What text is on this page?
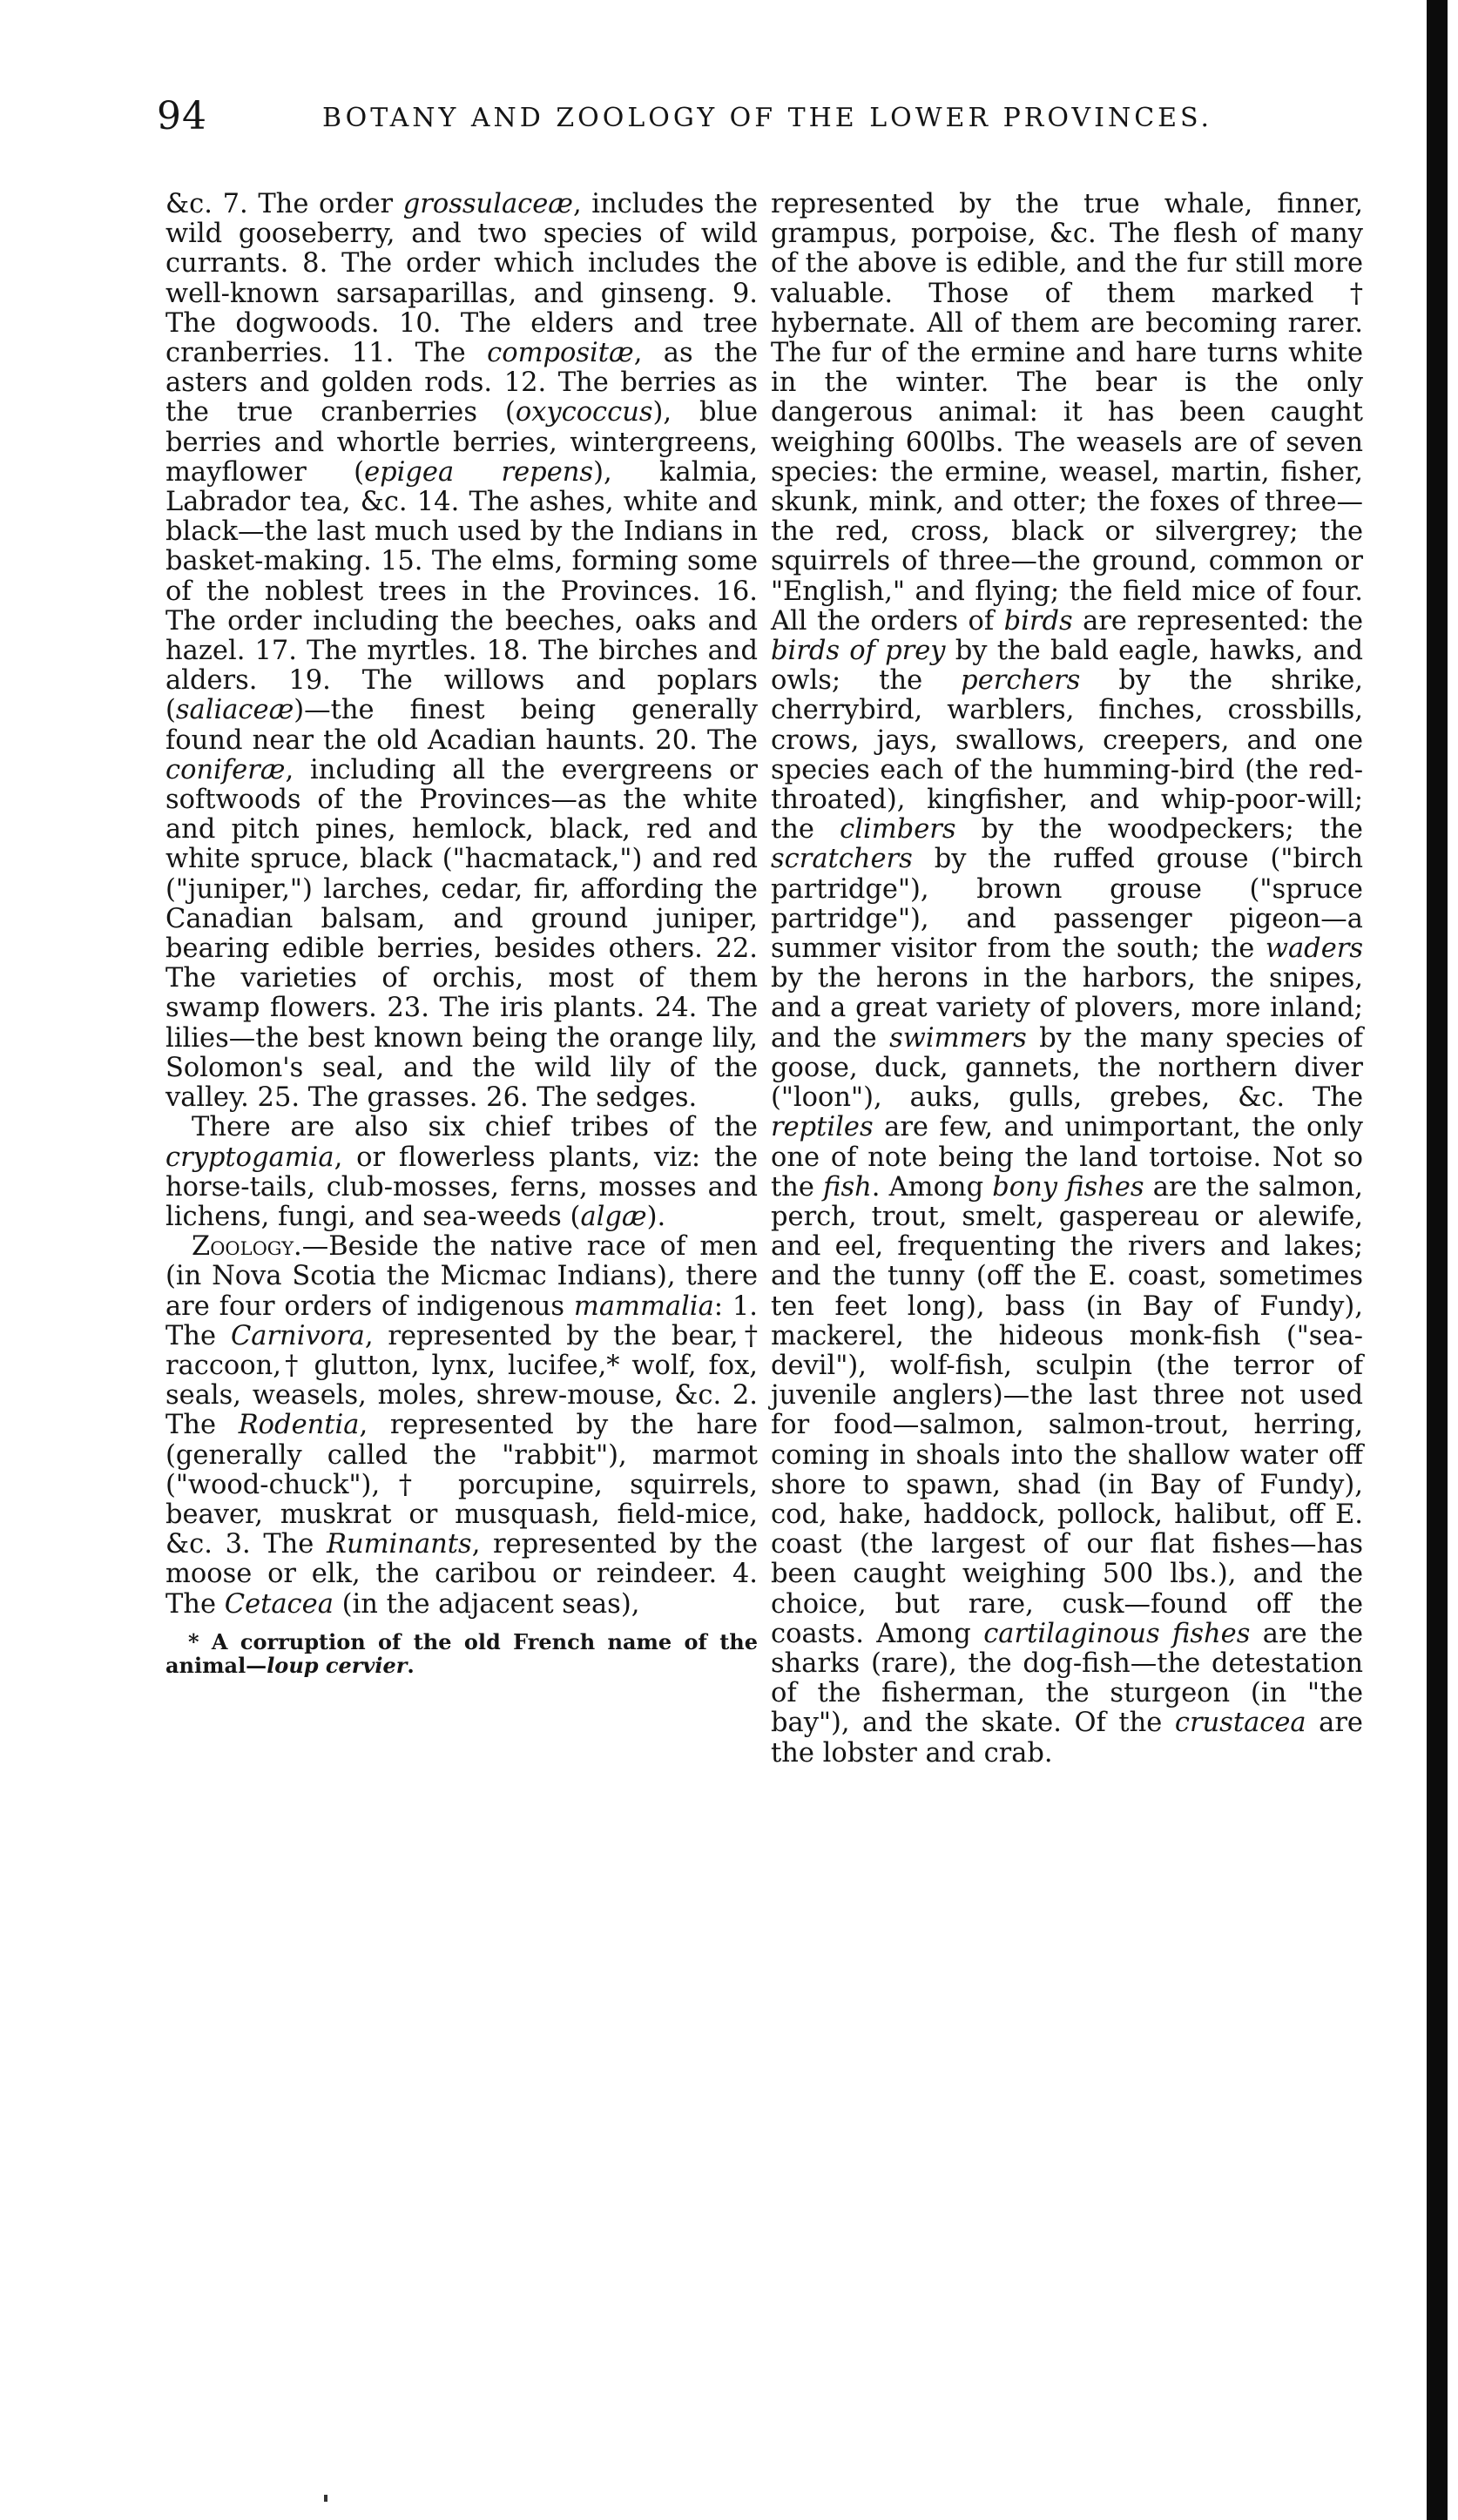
94	BOTANY AND ZOOLOGY OF THE LOWER PROVINCES.

&c. 7. The order grossulaceæ, includes the wild gooseberry, and two species of wild currants. 8. The order which includes the well-known sarsaparillas, and ginseng. 9. The dogwoods. 10. The elders and tree cranberries. 11. The compositæ, as the asters and golden rods. 12. The berries as the true cranberries (oxycoccus), blue berries and whortle berries, wintergreens, mayflower (epigea repens), kalmia, Labrador tea, &c. 14. The ashes, white and black—the last much used by the Indians in basket-making. 15. The elms, forming some of the noblest trees in the Provinces. 16. The order including the beeches, oaks and hazel. 17. The myrtles. 18. The birches and alders. 19. The willows and poplars (saliaceæ)—the finest being generally found near the old Acadian haunts. 20. The coniferæ, including all the evergreens or softwoods of the Provinces—as the white and pitch pines, hemlock, black, red and white spruce, black ("hacmatack,") and red ("juniper,") larches, cedar, fir, affording the Canadian balsam, and ground juniper, bearing edible berries, besides others. 22. The varieties of orchis, most of them swamp flowers. 23. The iris plants. 24. The lilies—the best known being the orange lily, Solomon's seal, and the wild lily of the valley. 25. The grasses. 26. The sedges.

There are also six chief tribes of the cryptogamia, or flowerless plants, viz: the horse-tails, club-mosses, ferns, mosses and lichens, fungi, and sea-weeds (algæ).

Zoology.—Beside the native race of men (in Nova Scotia the Micmac Indians), there are four orders of indigenous mammalia: 1. The Carnivora, represented by the bear,† raccoon,† glutton, lynx, lucifee,* wolf, fox, seals, weasels, moles, shrew-mouse, &c. 2. The Rodentia, represented by the hare (generally called the "rabbit"), marmot ("wood-chuck"),† porcupine, squirrels, beaver, muskrat or musquash, field-mice, &c. 3. The Ruminants, represented by the moose or elk, the caribou or reindeer. 4. The Cetacea (in the adjacent seas),

* A corruption of the old French name of the animal—loup cervier.

represented by the true whale, finner, grampus, porpoise, &c. The flesh of many of the above is edible, and the fur still more valuable. Those of them marked † hybernate. All of them are becoming rarer. The fur of the ermine and hare turns white in the winter. The bear is the only dangerous animal: it has been caught weighing 600lbs. The weasels are of seven species: the ermine, weasel, martin, fisher, skunk, mink, and otter; the foxes of three—the red, cross, black or silvergrey; the squirrels of three—the ground, common or "English," and flying; the field mice of four. All the orders of birds are represented: the birds of prey by the bald eagle, hawks, and owls; the perchers by the shrike, cherrybird, warblers, finches, crossbills, crows, jays, swallows, creepers, and one species each of the humming-bird (the red-throated), kingfisher, and whip-poor-will; the climbers by the woodpeckers; the scratchers by the ruffed grouse ("birch partridge"), brown grouse ("spruce partridge"), and passenger pigeon—a summer visitor from the south; the waders by the herons in the harbors, the snipes, and a great variety of plovers, more inland; and the swimmers by the many species of goose, duck, gannets, the northern diver ("loon"), auks, gulls, grebes, &c. The reptiles are few, and unimportant, the only one of note being the land tortoise. Not so the fish. Among bony fishes are the salmon, perch, trout, smelt, gaspereau or alewife, and eel, frequenting the rivers and lakes; and the tunny (off the E. coast, sometimes ten feet long), bass (in Bay of Fundy), mackerel, the hideous monk-fish ("sea-devil"), wolf-fish, sculpin (the terror of juvenile anglers)—the last three not used for food—salmon, salmon-trout, herring, coming in shoals into the shallow water off shore to spawn, shad (in Bay of Fundy), cod, hake, haddock, pollock, halibut, off E. coast (the largest of our flat fishes—has been caught weighing 500 lbs.), and the choice, but rare, cusk—found off the coasts. Among cartilaginous fishes are the sharks (rare), the dog-fish—the detestation of the fisherman, the sturgeon (in "the bay"), and the skate. Of the crustacea are the lobster and crab.
